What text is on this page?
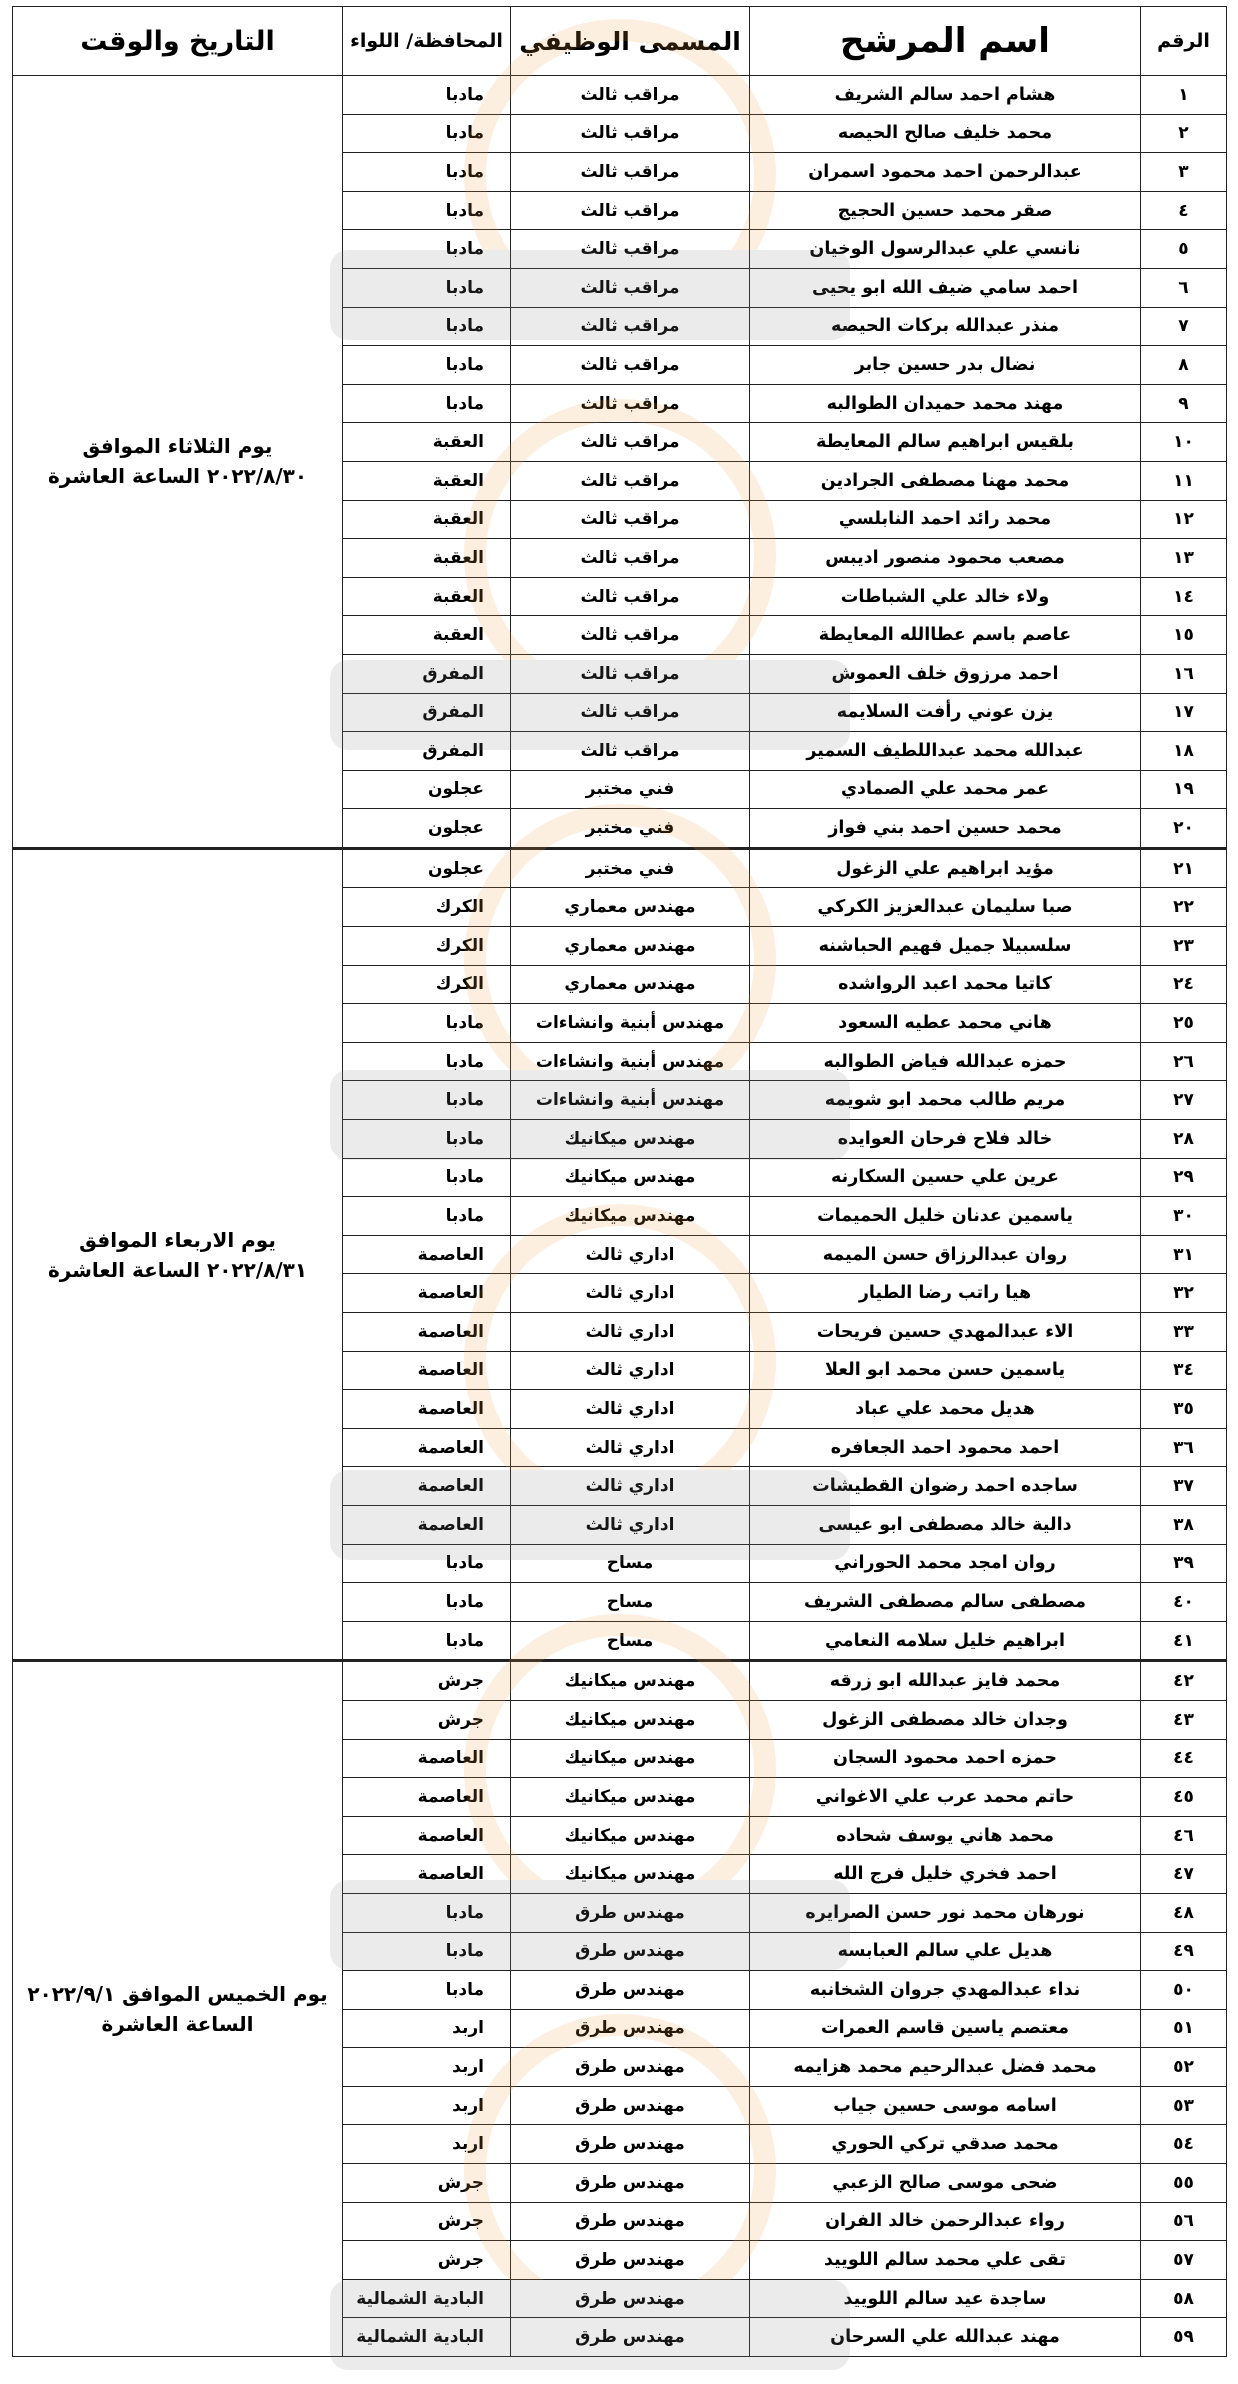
الرقم	اسم المرشح	المسمى الوظيفي	المحافظة/ اللواء	التاريخ والوقت
١	هشام احمد سالم الشريف	مراقب ثالث	مادبا	يوم الثلاثاء الموافق
٢٠٢٢/٨/٣٠ الساعة العاشرة

٢	محمد خليف صالح الحيصه	مراقب ثالث	مادبا	
٣	عبدالرحمن احمد محمود اسمران	مراقب ثالث	مادبا	
٤	صقر محمد حسين الحجيج	مراقب ثالث	مادبا	
٥	نانسي علي عبدالرسول الوخيان	مراقب ثالث	مادبا	
٦	احمد سامي ضيف الله ابو يحيى	مراقب ثالث	مادبا	
٧	منذر عبدالله بركات الحيصه	مراقب ثالث	مادبا	
٨	نضال بدر حسين جابر	مراقب ثالث	مادبا	
٩	مهند محمد حميدان الطوالبه	مراقب ثالث	مادبا	
١٠	بلقيس ابراهيم سالم المعايطة	مراقب ثالث	العقبة	
١١	محمد مهنا مصطفى الجرادين	مراقب ثالث	العقبة	
١٢	محمد رائد احمد النابلسي	مراقب ثالث	العقبة	
١٣	مصعب محمود منصور اديبس	مراقب ثالث	العقبة	
١٤	ولاء خالد علي الشباطات	مراقب ثالث	العقبة	
١٥	عاصم باسم عطاالله المعايطة	مراقب ثالث	العقبة	
١٦	احمد مرزوق خلف العموش	مراقب ثالث	المفرق	
١٧	يزن عوني رأفت السلايمه	مراقب ثالث	المفرق	
١٨	عبدالله محمد عبداللطيف السمير	مراقب ثالث	المفرق	
١٩	عمر محمد علي الصمادي	فني مختبر	عجلون	
٢٠	محمد حسين احمد بني فواز	فني مختبر	عجلون	
٢١	مؤيد ابراهيم علي الزغول	فني مختبر	عجلون	يوم الاربعاء الموافق
٢٠٢٢/٨/٣١ الساعة العاشرة

٢٢	صبا سليمان عبدالعزيز الكركي	مهندس معماري	الكرك	
٢٣	سلسبيلا جميل فهيم الحباشنه	مهندس معماري	الكرك	
٢٤	كاتيا محمد اعبد الرواشده	مهندس معماري	الكرك	
٢٥	هاني محمد عطيه السعود	مهندس أبنية وانشاءات	مادبا	
٢٦	حمزه عبدالله فياض الطوالبه	مهندس أبنية وانشاءات	مادبا	
٢٧	مريم طالب محمد ابو شويمه	مهندس أبنية وانشاءات	مادبا	
٢٨	خالد فلاح فرحان العوايده	مهندس ميكانيك	مادبا	
٢٩	عرين علي حسين السكارنه	مهندس ميكانيك	مادبا	
٣٠	ياسمين عدنان خليل الحميمات	مهندس ميكانيك	مادبا	
٣١	روان عبدالرزاق حسن الميمه	اداري ثالث	العاصمة	
٣٢	هيا راتب رضا الطيار	اداري ثالث	العاصمة	
٣٣	الاء عبدالمهدي حسين فريحات	اداري ثالث	العاصمة	
٣٤	ياسمين حسن محمد ابو العلا	اداري ثالث	العاصمة	
٣٥	هديل محمد علي عباد	اداري ثالث	العاصمة	
٣٦	احمد محمود احمد الجعافره	اداري ثالث	العاصمة	
٣٧	ساجده احمد رضوان القطيشات	اداري ثالث	العاصمة	
٣٨	دالية خالد مصطفى ابو عيسى	اداري ثالث	العاصمة	
٣٩	روان امجد محمد الحوراني	مساح	مادبا	
٤٠	مصطفى سالم مصطفى الشريف	مساح	مادبا	
٤١	ابراهيم خليل سلامه النعامي	مساح	مادبا	
٤٢	محمد فايز عبدالله ابو زرقه	مهندس ميكانيك	جرش	يوم الخميس الموافق ٢٠٢٢/٩/١
الساعة العاشرة

٤٣	وجدان خالد مصطفى الزغول	مهندس ميكانيك	جرش	
٤٤	حمزه احمد محمود السجان	مهندس ميكانيك	العاصمة	
٤٥	حاتم محمد عرب علي الاغواني	مهندس ميكانيك	العاصمة	
٤٦	محمد هاني يوسف شحاده	مهندس ميكانيك	العاصمة	
٤٧	احمد فخري خليل فرج الله	مهندس ميكانيك	العاصمة	
٤٨	نورهان محمد نور حسن الصرايره	مهندس طرق	مادبا	
٤٩	هديل علي سالم العبابسه	مهندس طرق	مادبا	
٥٠	نداء عبدالمهدي جروان الشخانبه	مهندس طرق	مادبا	
٥١	معتصم ياسين قاسم العمرات	مهندس طرق	اربد	
٥٢	محمد فضل عبدالرحيم محمد هزايمه	مهندس طرق	اربد	
٥٣	اسامه موسى حسين جياب	مهندس طرق	اربد	
٥٤	محمد صدقي تركي الحوري	مهندس طرق	اربد	
٥٥	ضحى موسى صالح الزعبي	مهندس طرق	جرش	
٥٦	رواء عبدالرحمن خالد الفران	مهندس طرق	جرش	
٥٧	تقى علي محمد سالم اللوييد	مهندس طرق	جرش	
٥٨	ساجدة عيد سالم اللوييد	مهندس طرق	البادية الشمالية	
٥٩	مهند عبدالله علي السرحان	مهندس طرق	البادية الشمالية	
